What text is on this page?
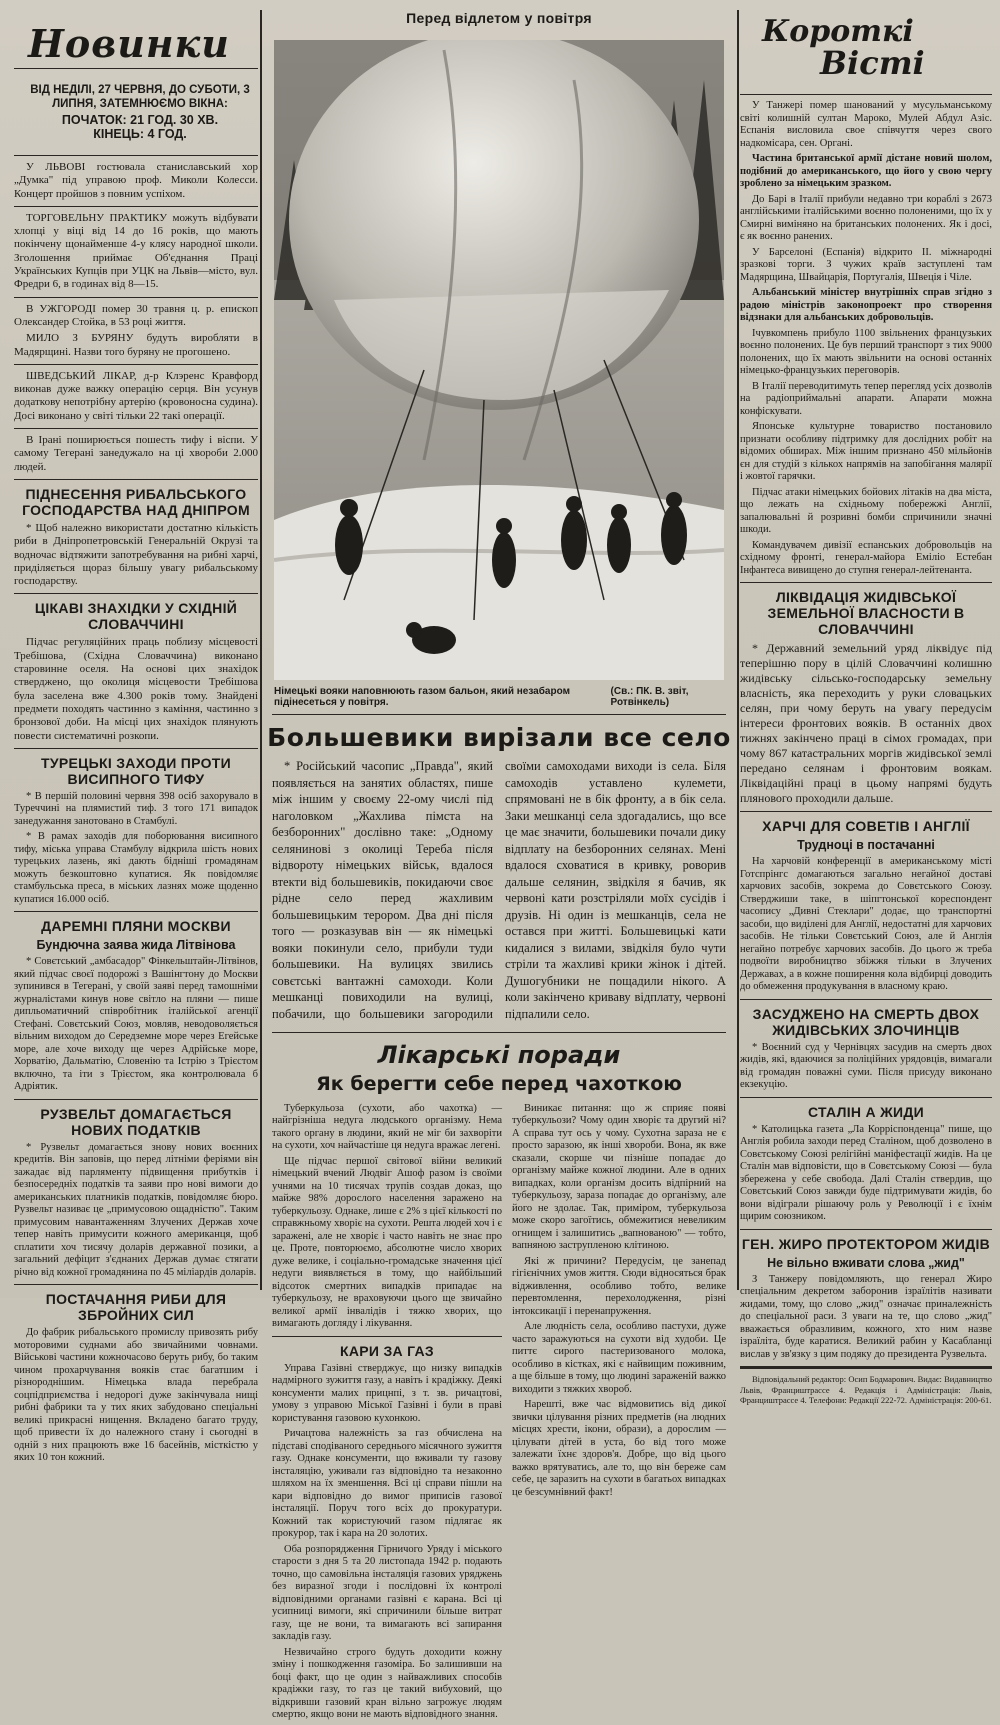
Новинки

ВІД НЕДІЛІ, 27 ЧЕРВНЯ, ДО СУБОТИ, 3 ЛИПНЯ, ЗАТЕМНЮЄМО ВІКНА:

ПОЧАТОК: 21 ГОД. 30 ХВ.

КІНЕЦЬ: 4 ГОД.

У ЛЬВОВІ гостювала станиславський хор „Думка" під управою проф. Миколи Колесси. Концерт пройшов з повним успіхом.

ТОРГОВЕЛЬНУ ПРАКТИКУ можуть відбувати хлопці у віці від 14 до 16 років, що мають покінчену щонайменше 4-у кляcу народної школи. Зголошення приймає Об'єднання Праці Українських Купців при УЦК на Львів—місто, вул. Фредри 6, в годинах від 8—15.

В УЖГОРОДІ помер 30 травня ц. р. епископ Олександер Стойка, в 53 році життя.

МИЛО З БУРЯНУ будуть виробляти в Мадярщині. Назви того буряну не прогошено.

ШВЕДСЬКИЙ ЛІКАР, д-р Клэренс Кравфорд виконав дуже важку операцію серця. Він усунув додаткову непотрібну артерію (кровоносна судина). Досі виконано у світі тільки 22 такі операції.

В Ірані поширюється пошесть тифу і віспи. У самому Тегерані занедужало на ці хвороби 2.000 людей.

ПІДНЕСЕННЯ РИБАЛЬСЬКОГО ГОСПОДАРСТВА НАД ДНІПРОМ

* Щоб належно використати достатню кількість риби в Дніпропетровській Генеральній Окрузі та водночас відтяжити запотребування на рибні харчі, приділяється щораз більшу увагу рибальському господарству.

ЦІКАВІ ЗНАХІДКИ У СХІДНІЙ СЛОВАЧЧИНІ

Підчас регуляційних праць поблизу місцевості Требішова, (Східна Словаччина) виконано старовинне оселя. На основі цих знахідок стверджено, що околиця місцевости Требішова була заселена вже 4.300 років тому. Знайдені предмети походять частинно з каміння, частинно з бронзової доби. На місці цих знахідок плянують повести систематичні розкопи.

ТУРЕЦЬКІ ЗАХОДИ ПРОТИ ВИСИПНОГО ТИФУ

* В першій половині червня 398 осіб захорувало в Туреччині на плямистий тиф. З того 171 випадок занедужання занотовано в Стамбулі.

* В рамах заходів для поборювання висипного тифу, міська управа Стамбулу відкрила шість нових турецьких лазень, які дають бідніші громадянам можуть безкоштовно купатися. Як повідомляє стамбульська преса, в міських лазнях може щоденно купатися 16.000 осіб.

ДАРЕМНІ ПЛЯНИ МОСКВИ
Бундючна заява жида Літвінова

* Совєтський „амбасадор" Фінкельштайн-Літвінов, який підчас своєї подорожі з Вашінгтону до Москви зупинився в Тегерані, у своїй заяві перед тамошніми журналістами кинув нове світло на пляни — пише дипльоматичний співробітник італійської агенції Стефані. Совєтський Союз, мовляв, неводоволяється вільним виходом до Середземне море через Егейське море, але хоче виходу ще через Адрійське море, Хорватію, Дальматію, Словенію та Істрію з Трієстом включно, та іти з Трієстом, яка контролювала б Адріятик.

РУЗВЕЛЬТ ДОМАГАЄТЬСЯ НОВИХ ПОДАТКІВ

* Рузвельт домагається знову нових воєнних кредитів. Він заповів, що перед літніми феріями він зажадає від парляменту підвищення прибутків і безпосередніх податків та заяви про нові вимоги до американських платників податків, повідомляє бюро. Рузвельт називає це „примусовою ощадністю". Таким примусовим навантаженням Злучених Держав хоче тепер навіть примусити кожного американця, щоб сплатити хоч тисячу доларів державної позики, а загальний дефіцит з'єднаних Держав думає стягати річно від кожної громадянина по 45 міліардів доларів.

ПОСТАЧАННЯ РИБИ ДЛЯ ЗБРОЙНИХ СИЛ

До фабрик рибальського промислу привозять рибу моторовими суднами або звичайними човнами. Військові частини кожночасово беруть рибу, бо таким чином прохарчування вояків стає багатшим і різнороднішим. Німецька влада перебрала соцпідприємства і недорогі дуже закінчувала нищі рибні фабрики та у тих яких забудовано спеціальні великі прикрасні нищення. Вкладено багато труду, щоб привести їх до належного стану і сьогодні в одній з них працюють вже 16 басейнів, місткістю у яких 10 тон кожний.

Перед відлетом у повітря
Німецькі вояки наповнюють газом бальон, який незабаром підінесеться у повітря.
(Св.: ПК. В. звіт, Ротвінкель)
Большевики вирізали все село

* Російський часопис „Правда", який появляється на занятих областях, пише між іншим у своєму 22-ому числі під наголовком „Жахлива пімста на безборонних" дослівно таке: „Одному селянинові з околиці Тереба після відвороту німецьких військ, вдалося втекти від большевиків, покидаючи своє рідне село перед жахливим большевицьким терором. Два дні після того — розказував він — як німецькі вояки покинули село, прибули туди большевики. На вулицях звились совєтські вантажні самоходи. Коли мешканці повиходили на вулиці, побачили, що большевики загородили своїми самоходами виходи із села. Біля самоходів уставлено кулемети, спрямовані не в бік фронту, а в бік села. Заки мешканці села здогадались, що все це має значити, большевики почали дику відплату на безборонних селянах. Мені вдалося сховатися в кривку, роворив дальше селянин, звідкіля я бачив, як червоні кати розстріляли моїх сусідів і друзів. Ні один із мешканців, села не остався при житті. Большевицькі кати кидалися з вилами, звідкіля було чути стріли та жахливі крики жінок і дітей. Душогубники не пощадили нікого. А коли закінчено криваву відплату, червоні підпалили село.

Лікарські поради
Як берегти себе перед чахоткою

Туберкульоза (сухоти, або чахотка) — найгрізніша недуга людського організму. Нема такого органу в людини, який не міг би захворіти на сухоти, хоч найчастіше ця недуга вражає легені.

Ще підчас першої світової війни великий німецький вчений Людвіг Ашоф разом із своїми учнями на 10 тисячах трупів создав доказ, що майже 98% дорослого населення заражено на туберкульозу. Однаке, лише є 2% з цієї кількості по справжньому хворіє на сухоти. Решта людей хоч і є заражені, але не хворіє і часто навіть не знає про це. Проте, повторюємо, абсолютне число хворих дуже велике, і соціально-громадське значення цієї недуги виявляється в тому, що найбільший відсоток смертних випадків припадає на туберкульозу, не враховуючи цього ще звичайно великої армії інвалідів і тяжко хворих, що вимагають догляду і лікування.

КАРИ ЗА ГАЗ

Управа Газівні стверджує, що низку випадків надмірного зужиття газу, а навіть і крадіжку. Деякі консументи малих прицнпі, з т. зв. ричацтові, умову з управою Міської Газівні і були в праві користування газовою кухонкою.

Ричацтова належність за газ обчислена на підставі сподіваного середнього місячного зужиття газу. Однаке консументи, що вживали ту газову інсталяцію, уживали газ відповідно та незаконно шляхом на їх зменшення. Всі ці справи пішли на кари відповідно до вимог приписів газової інсталяції. Поруч того всіх до прокуратури. Кожний так користуючий газом підлягає як прокурор, так і кара на 20 золотих.

Оба розпорядження Гірничого Уряду і міського старости з дня 5 та 20 листопада 1942 р. подають точно, що самовільна інсталяція газових уряджень без виразної згоди і послідовні їх контролі відповідними органами газівні є карана. Всі ці усипниці вимоги, які спричинили більше витрат газу, ще не вони, та вимагають всі запирання закладів газу.

Незвичайно строго будуть доходити кожну зміну і пошкодження газоміра. Бо залишивши на боці факт, що це один з найважливих способів крадіжки газу, то газ це такий вибуховий, що відкривши газовий кран вільно загрожує людям смертю, якщо вони не мають відповідного знання.

Виникає питання: що ж сприяє появі туберкульози? Чому один хворіє та другий ні? А справа тут ось у чому. Сухотна зараза не є просто заразою, як інші хвороби. Вона, як вже сказали, скорше чи пізніше попадає до організму майже кожної людини. Але в одних випадках, коли організм досить відпірний на туберкульозу, зараза попадає до організму, але його не здолає. Так, примiром, туберкульоза може скоро загоїтись, обмежитися невеликим огнищем і залишитись „вапнованою" — тобто, вапняною заструпленою клітиною.

Які ж причини? Передусім, це занепад гігієнічних умов життя. Сюди відносяться брак відживлення, особливо тобто, велике перевтомлення, перехолодження, різні інтоксикації і перенапруження.

Але людність села, особливо пастухи, дуже часто заражуються на сухоти від худоби. Це питтє сирого пастеризованого молока, особливо в кістках, які є найвищим поживним, а ще більше в тому, що людині зараженій важко виходити з тяжких хвороб.

Нарешті, вже час відмовитись від дикої звички цілування різних предметів (на людних місцях хрести, ікони, образи), а дорослим — цілувати дітей в уста, бо від того може залежати їхнє здоров'я. Добре, що від цього важко врятуватись, але то, що він береже сам себе, це заразить на сухоти в багатьох випадках це безсумнівний факт!

Короткі
Вісті

У Танжері помер шанований у мусульманському світі колишній султан Мароко, Мулей Абдул Азіс. Еспанія висловила свое співчуття через свого надкомісара, сен. Органі.

Частина британської армії дістане новий шолом, подібний до американського, що його у свою чергу зроблено за німецьким зразком.

До Барі в Італії прибули недавно три кораблі з 2673 англійськими італійськими воєнно полоненими, що їх у Смирні виміняно на британських полонених. Як і досі, є як воєнно ранених.

У Барселоні (Еспанія) відкрито ІІ. міжнародні зразкові торги. З чужих країв заступлені там Мадярщина, Швайцарія, Португалія, Швеція і Чіле.

Альбанський міністер внутрішніх справ згідно з радою міністрів законопроект про створення відзнаки для альбанських добровольців.

Ічувкомпень прибуло 1100 звільнених французьких воєнно полонених. Це був перший транспорт з тих 9000 полонених, що їх мають звільнити на основі останніх німецько-французьких переговорів.

В Італії переводитимуть тепер перегляд усіх дозволів на радіоприймальні апарати. Апарати можна конфіскувати.

Японське культурне товариство постановило признати особливу підтримку для дослідних робіт на відомих обширах. Між іншим признано 450 мільйонів єн для студій з кількох напрямів на запобігання малярії і жовтої гарячки.

Підчас атаки німецьких бойових літаків на два міста, що лежать на східньому побережжі Англії, запалювальні й розривні бомби спричинили значні шкоди.

Командувачем дивізії еспанських добровольців на східному фронті, генерал-майора Еміліо Естебан Інфантеса вивищено до ступня генерал-лейтенанта.

ЛІКВІДАЦІЯ ЖИДІВСЬКОЇ ЗЕМЕЛЬНОЇ ВЛАСНОСТИ В СЛОВАЧЧИНІ

* Державний земельний уряд ліквідує під теперішню пору в цілій Словаччині колишню жидівську сільсько-господарську земельну власність, яка переходить у руки словацьких селян, при чому беруть на увагу передусім інтереси фронтових вояків. В останніх двох тижнях закінчено праці в сімох громадах, при чому 867 катастральних моргів жидівської землі передано селянам і фронтовим воякам. Ліквідаційні праці в цьому напрямі будуть плянового проходили дальше.

ХАРЧІ ДЛЯ СОВЕТІВ І АНГЛІЇ
Трудноці в постачанні

На харчовій конференції в американському місті Готспрінгс домагаються загально негайної доставі харчових засобів, зокрема до Совєтського Союзу. Стверджиши таке, в шіпгтонської кореспондент часопису „Дивні Стеклари" додає, що транспортні засоби, що виділені для Англії, недостатні для харчових засобів. Не тільки Совєтський Союз, але й Англія негайно потребує харчових засобів. До цього ж треба подвоїти виробництво збіжжя тільки в Злучених Державах, а в кожне поширення кола відбирці доводить до обмеження продукування в власному краю.

ЗАСУДЖЕНО НА СМЕРТЬ ДВОХ ЖИДІВСЬКИХ ЗЛОЧИНЦІВ

* Воєнний суд у Чернівцях засудив на смерть двох жидів, які, вдаючися за поліційних урядовців, вимагали від громадян поважні суми. Після присуду виконано екзекуцію.

СТАЛІН А ЖИДИ

* Католицька газета „Ла Корріспонденца" пише, що Англія робила заходи перед Сталіном, щоб дозволено в Совєтському Союзі релігійні маніфестації жидів. На це Сталін мав відповісти, що в Совєтському Союзі — була збережена у себе свобода. Далі Сталін ствердив, що Совєтський Союз завжди буде підтримувати жидів, бо вони відіграли рішаючу роль у Революції і є їхнім щирим союзником.

ГЕН. ЖИРО ПРОТЕКТОРОМ ЖИДІВ
Не вільно вживати слова „жид"

З Танжеру повідомляють, що генерал Жиро спеціальним декретом заборонив ізраїлітів називати жидами, тому, що слово „жид" означає приналежність до спеціальної раси. З уваги на те, що слово „жид" вважається образливим, кожного, хто ним назве ізраїліта, буде каратися. Великий рабин у Касабланці вислав у зв'язку з цим подяку до президента Рузвельта.

Відповідальний редактор: Осип Бодмарович. Видає: Видавництво Львів, Франциштрассе 4. Редакція і Адміністрація: Львів, Франциштрассе 4. Телефони: Редакції 222-72. Адміністрація: 200-61.
